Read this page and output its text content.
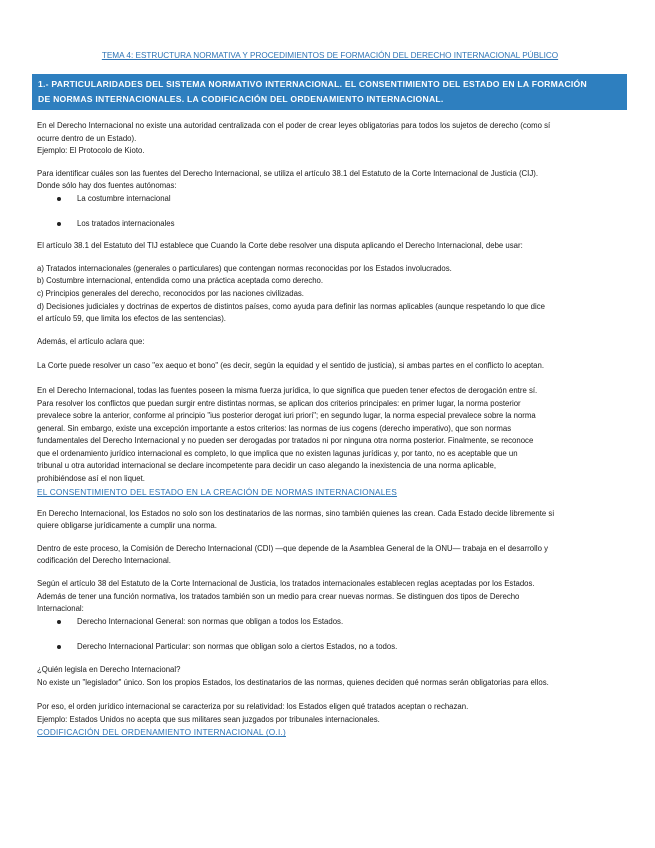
TEMA 4: ESTRUCTURA NORMATIVA Y PROCEDIMIENTOS DE FORMACIÓN DEL DERECHO INTERNACIONAL PÚBLICO

1.- PARTICULARIDADES DEL SISTEMA NORMATIVO INTERNACIONAL. EL CONSENTIMIENTO DEL ESTADO EN LA FORMACIÓN
DE NORMAS INTERNACIONALES. LA CODIFICACIÓN DEL ORDENAMIENTO INTERNACIONAL.

En el Derecho Internacional no existe una autoridad centralizada con el poder de crear leyes obligatorias para todos los sujetos de derecho (como sí

ocurre dentro de un Estado).

Ejemplo: El Protocolo de Kioto.

Para identificar cuáles son las fuentes del Derecho Internacional, se utiliza el artículo 38.1 del Estatuto de la Corte Internacional de Justicia (CIJ).

Donde sólo hay dos fuentes autónomas:

La costumbre internacional
Los tratados internacionales

El artículo 38.1 del Estatuto del TIJ establece que Cuando la Corte debe resolver una disputa aplicando el Derecho Internacional, debe usar:

a) Tratados internacionales (generales o particulares) que contengan normas reconocidas por los Estados involucrados.

b) Costumbre internacional, entendida como una práctica aceptada como derecho.

c) Principios generales del derecho, reconocidos por las naciones civilizadas.

d) Decisiones judiciales y doctrinas de expertos de distintos países, como ayuda para definir las normas aplicables (aunque respetando lo que dice

el artículo 59, que limita los efectos de las sentencias).

Además, el artículo aclara que:

La Corte puede resolver un caso "ex aequo et bono" (es decir, según la equidad y el sentido de justicia), si ambas partes en el conflicto lo aceptan.

En el Derecho Internacional, todas las fuentes poseen la misma fuerza jurídica, lo que significa que pueden tener efectos de derogación entre sí.

Para resolver los conflictos que puedan surgir entre distintas normas, se aplican dos criterios principales: en primer lugar, la norma posterior

prevalece sobre la anterior, conforme al principio "ius posterior derogat iuri priori"; en segundo lugar, la norma especial prevalece sobre la norma

general. Sin embargo, existe una excepción importante a estos criterios: las normas de ius cogens (derecho imperativo), que son normas

fundamentales del Derecho Internacional y no pueden ser derogadas por tratados ni por ninguna otra norma posterior. Finalmente, se reconoce

que el ordenamiento jurídico internacional es completo, lo que implica que no existen lagunas jurídicas y, por tanto, no es aceptable que un

tribunal u otra autoridad internacional se declare incompetente para decidir un caso alegando la inexistencia de una norma aplicable,

prohibiéndose así el non liquet.

EL CONSENTIMIENTO DEL ESTADO EN LA CREACIÓN DE NORMAS INTERNACIONALES

En Derecho Internacional, los Estados no solo son los destinatarios de las normas, sino también quienes las crean. Cada Estado decide libremente si

quiere obligarse jurídicamente a cumplir una norma.

Dentro de este proceso, la Comisión de Derecho Internacional (CDI) —que depende de la Asamblea General de la ONU— trabaja en el desarrollo y

codificación del Derecho Internacional.

Según el artículo 38 del Estatuto de la Corte Internacional de Justicia, los tratados internacionales establecen reglas aceptadas por los Estados.

Además de tener una función normativa, los tratados también son un medio para crear nuevas normas. Se distinguen dos tipos de Derecho

Internacional:

Derecho Internacional General: son normas que obligan a todos los Estados.
Derecho Internacional Particular: son normas que obligan solo a ciertos Estados, no a todos.

¿Quién legisla en Derecho Internacional?

No existe un "legislador" único. Son los propios Estados, los destinatarios de las normas, quienes deciden qué normas serán obligatorias para ellos.

Por eso, el orden jurídico internacional se caracteriza por su relatividad: los Estados eligen qué tratados aceptan o rechazan.

Ejemplo: Estados Unidos no acepta que sus militares sean juzgados por tribunales internacionales.

CODIFICACIÓN DEL ORDENAMIENTO INTERNACIONAL (O.I.)
